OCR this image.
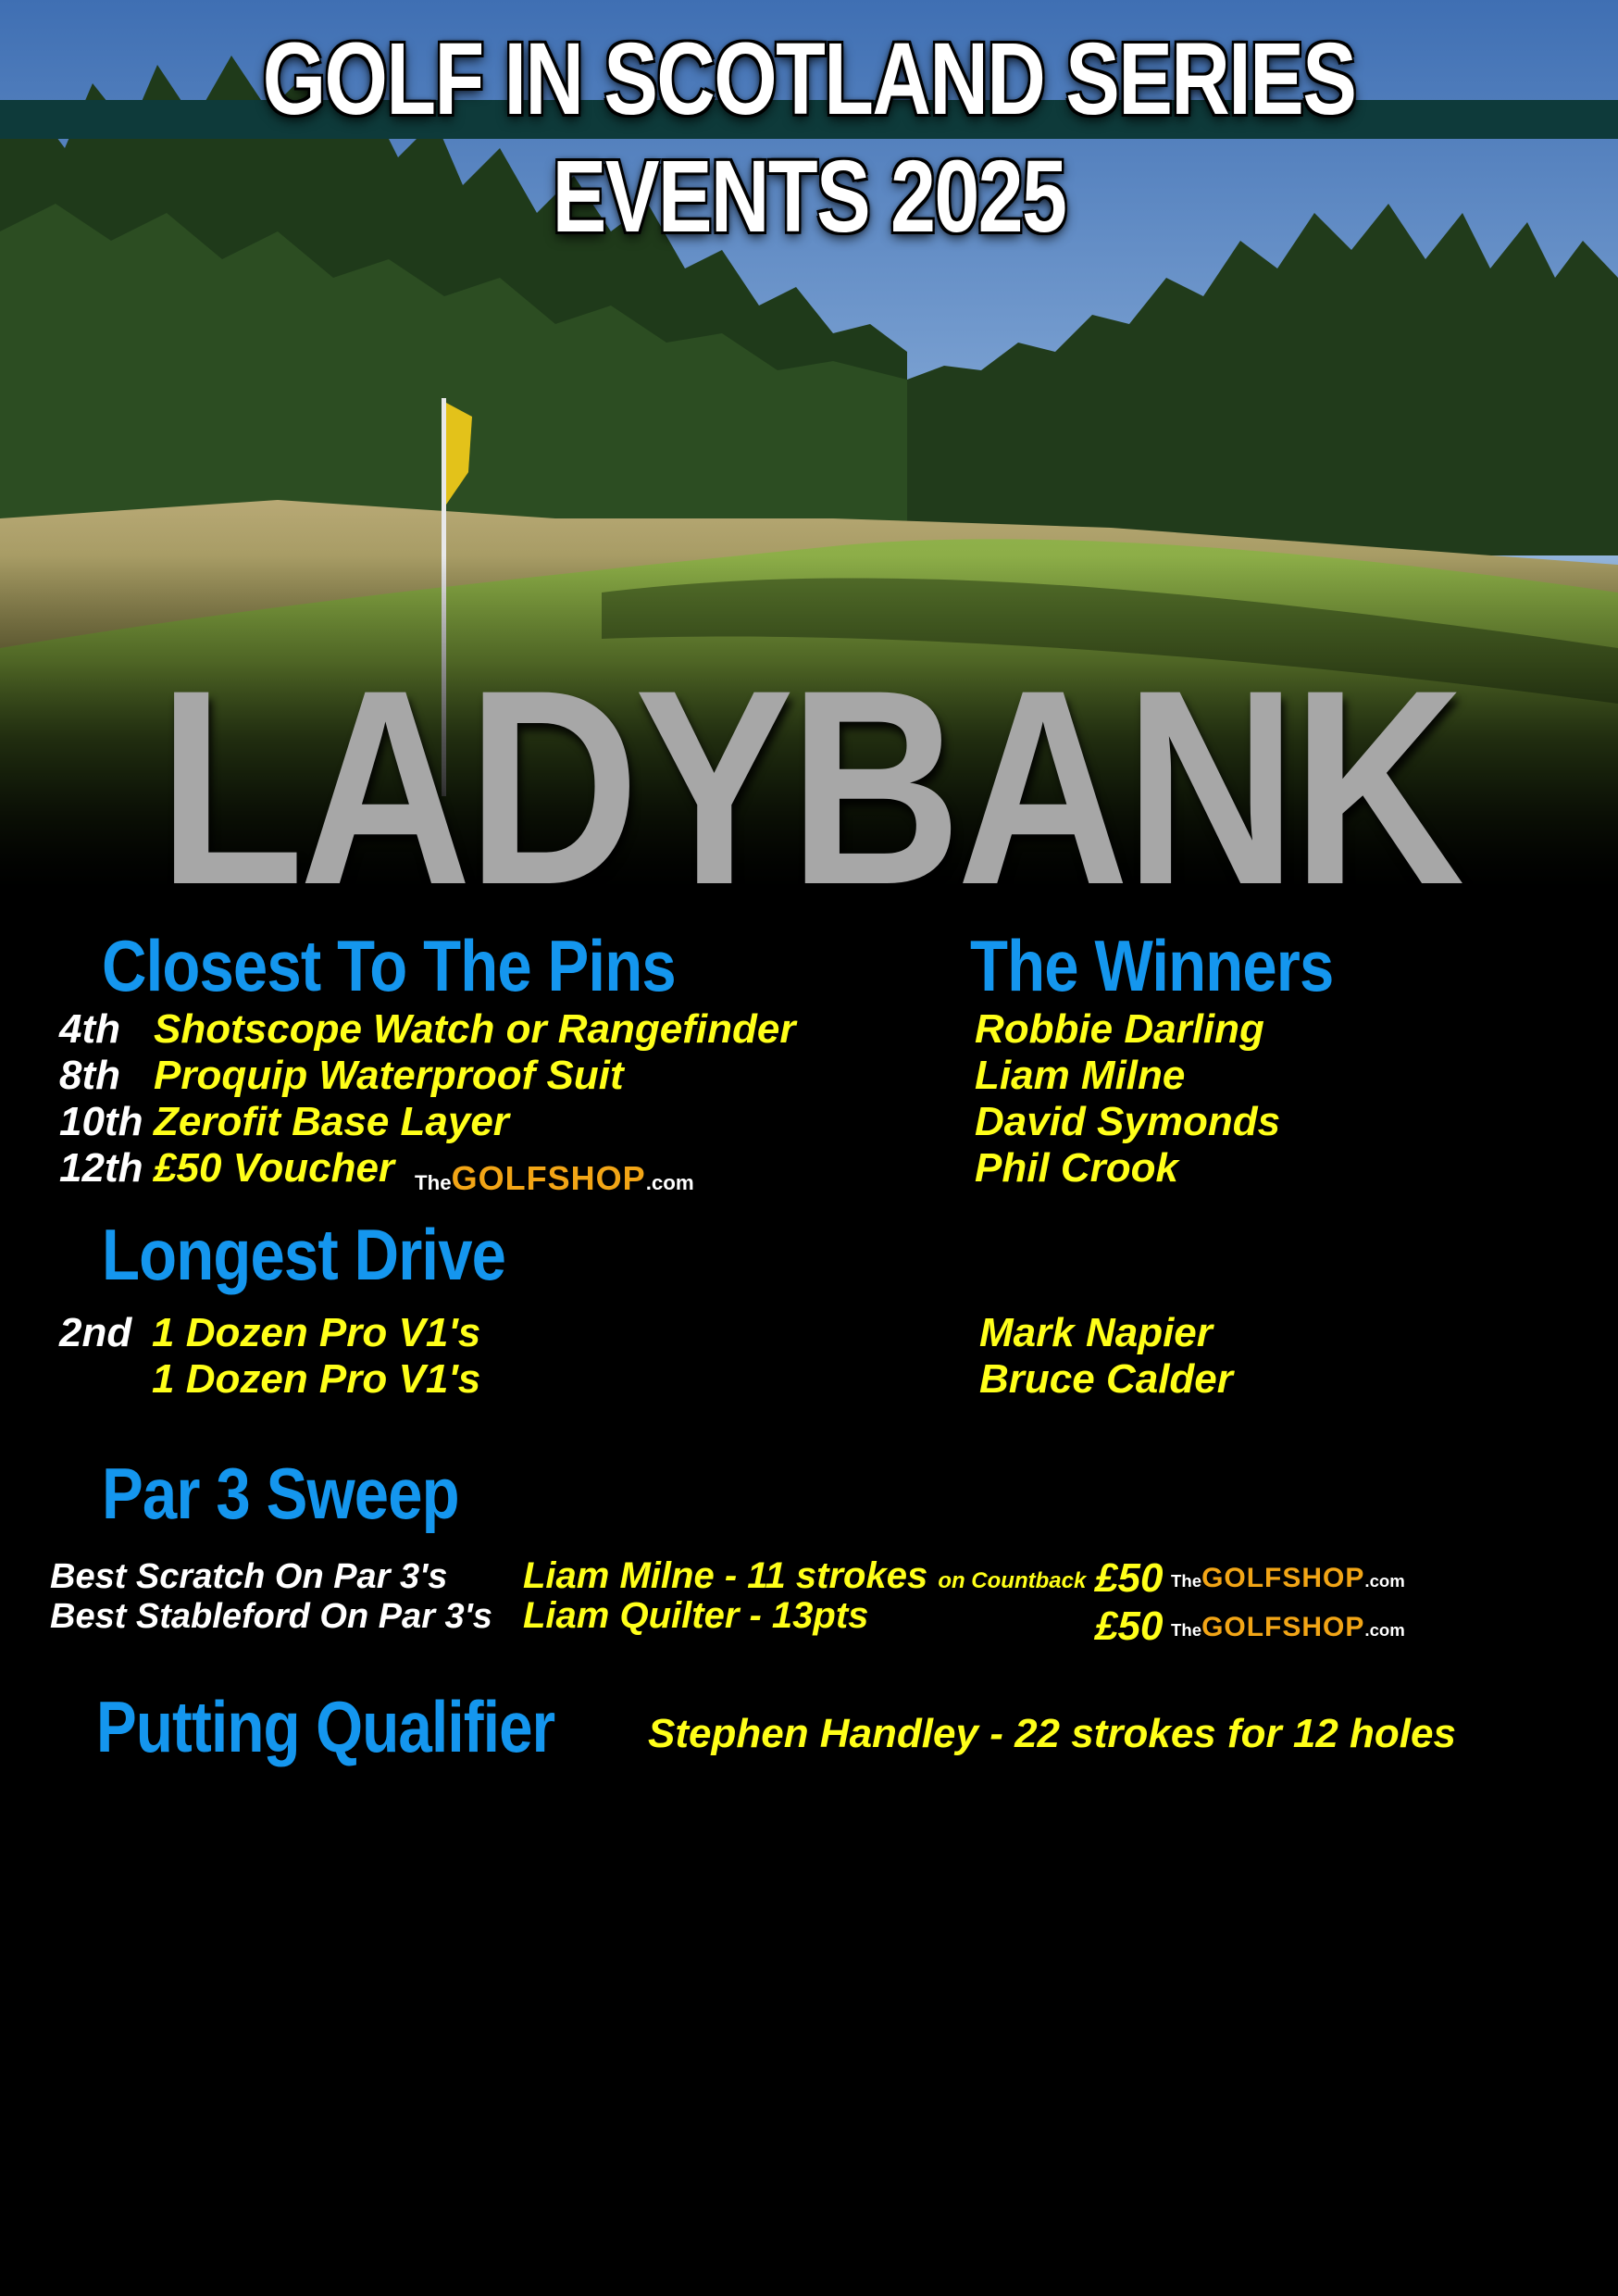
GOLF IN SCOTLAND SERIES EVENTS 2025
LADYBANK
Closest To The Pins
4th
8th
10th
12th
Shotscope Watch or Rangefinder
Proquip Waterproof Suit
Zerofit Base Layer
£50 Voucher TheGOLFSHOP.com
The Winners
Robbie Darling
Liam Milne
David Symonds
Phil Crook
Longest Drive
2nd 1 Dozen Pro V1's
1 Dozen Pro V1's
Mark Napier
Bruce Calder
Par 3 Sweep
Best Scratch On Par 3's
Best Stableford On Par 3's
Liam Milne - 11 strokes on Countback
Liam Quilter - 13pts
£50 TheGOLFSHOP.com
£50 TheGOLFSHOP.com
Putting Qualifier Stephen Handley - 22 strokes for 12 holes
